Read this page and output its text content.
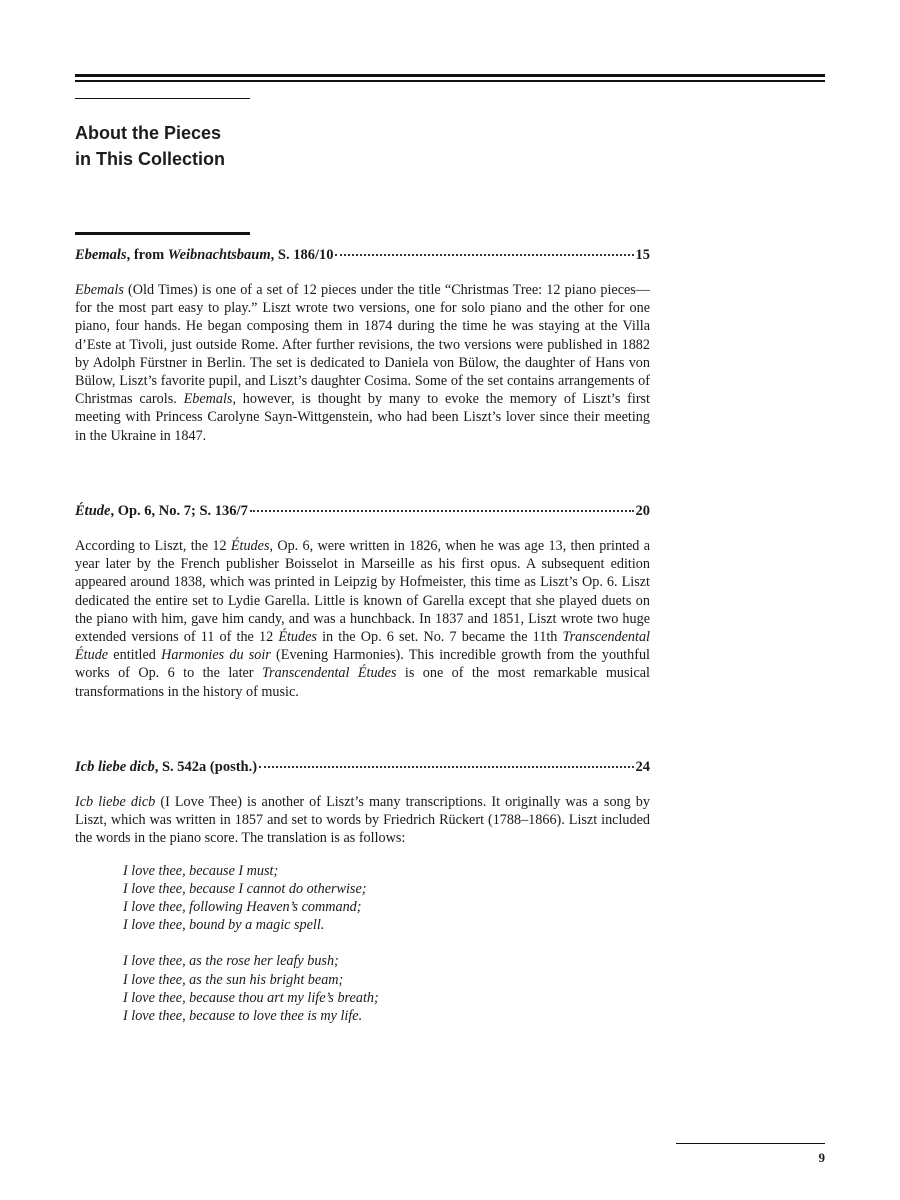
About the Pieces
in This Collection
Ebemals, from Weibnachtsbaum, S. 186/10	15

Ebemals (Old Times) is one of a set of 12 pieces under the title “Christmas Tree: 12 piano pieces—for the most part easy to play.” Liszt wrote two versions, one for solo piano and the other for one piano, four hands. He began composing them in 1874 during the time he was staying at the Villa d’Este at Tivoli, just outside Rome. After further revisions, the two versions were published in 1882 by Adolph Fürstner in Berlin. The set is dedicated to Daniela von Bülow, the daughter of Hans von Bülow, Liszt’s favorite pupil, and Liszt’s daughter Cosima. Some of the set contains arrangements of Christmas carols. Ebemals, however, is thought by many to evoke the memory of Liszt’s first meeting with Princess Carolyne Sayn-Wittgenstein, who had been Liszt’s lover since their meeting in the Ukraine in 1847.

Étude, Op. 6, No. 7; S. 136/7	20

According to Liszt, the 12 Études, Op. 6, were written in 1826, when he was age 13, then printed a year later by the French publisher Boisselot in Marseille as his first opus. A subsequent edition appeared around 1838, which was printed in Leipzig by Hofmeister, this time as Liszt’s Op. 6. Liszt dedicated the entire set to Lydie Garella. Little is known of Garella except that she played duets on the piano with him, gave him candy, and was a hunchback. In 1837 and 1851, Liszt wrote two huge extended versions of 11 of the 12 Études in the Op. 6 set. No. 7 became the 11th Transcendental Étude entitled Harmonies du soir (Evening Harmonies). This incredible growth from the youthful works of Op. 6 to the later Transcendental Études is one of the most remarkable musical transformations in the history of music.

Icb liebe dicb, S. 542a (posth.)	24

Icb liebe dicb (I Love Thee) is another of Liszt’s many transcriptions. It originally was a song by Liszt, which was written in 1857 and set to words by Friedrich Rückert (1788–1866). Liszt included the words in the piano score. The translation is as follows:

I love thee, because I must;
I love thee, because I cannot do otherwise;
I love thee, following Heaven’s command;
I love thee, bound by a magic spell.
I love thee, as the rose her leafy bush;
I love thee, as the sun his bright beam;
I love thee, because thou art my life’s breath;
I love thee, because to love thee is my life.
9
